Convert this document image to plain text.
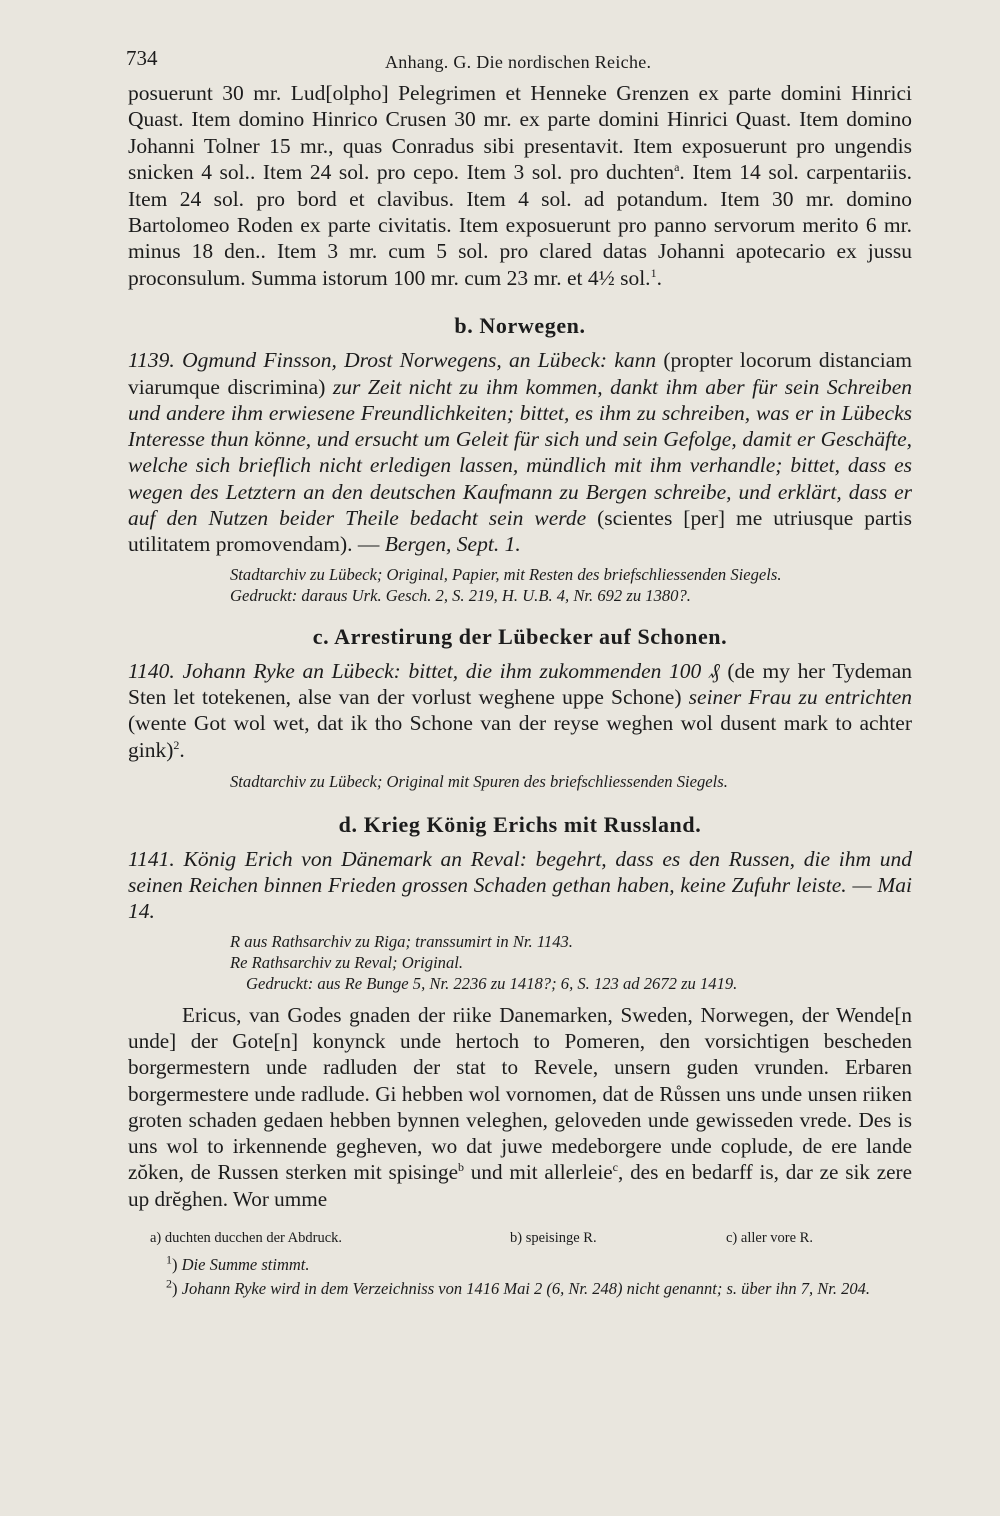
734	Anhang. G. Die nordischen Reiche.

posuerunt 30 mr. Lud[olpho] Pelegrimen et Henneke Grenzen ex parte domini Hinrici Quast. Item domino Hinrico Crusen 30 mr. ex parte domini Hinrici Quast. Item domino Johanni Tolner 15 mr., quas Conradus sibi presentavit. Item exposuerunt pro ungendis snicken 4 sol.. Item 24 sol. pro cepo. Item 3 sol. pro duchten$^a$. Item 14 sol. carpentariis. Item 24 sol. pro bord et clavibus. Item 4 sol. ad potandum. Item 30 mr. domino Bartolomeo Roden ex parte civitatis. Item exposuerunt pro panno servorum merito 6 mr. minus 18 den.. Item 3 mr. cum 5 sol. pro clared datas Johanni apotecario ex jussu proconsulum. Summa istorum 100 mr. cum 23 mr. et 4½ sol.$^1$.

b. Norwegen.

1139. Ogmund Finsson, Drost Norwegens, an Lübeck: kann (propter locorum distanciam viarumque discrimina) zur Zeit nicht zu ihm kommen, dankt ihm aber für sein Schreiben und andere ihm erwiesene Freundlichkeiten; bittet, es ihm zu schreiben, was er in Lübecks Interesse thun könne, und ersucht um Geleit für sich und sein Gefolge, damit er Geschäfte, welche sich brieflich nicht erledigen lassen, mündlich mit ihm verhandle; bittet, dass es wegen des Letztern an den deutschen Kaufmann zu Bergen schreibe, und erklärt, dass er auf den Nutzen beider Theile bedacht sein werde (scientes [per] me utriusque partis utilitatem promovendam). — Bergen, Sept. 1.

Stadtarchiv zu Lübeck; Original, Papier, mit Resten des briefschliessenden Siegels.
Gedruckt: daraus Urk. Gesch. 2, S. 219, H. U.B. 4, Nr. 692 zu 1380?.
c. Arrestirung der Lübecker auf Schonen.

1140. Johann Ryke an Lübeck: bittet, die ihm zukommenden 100 ₰ (de my her Tydeman Sten let totekenen, alse van der vorlust weghene uppe Schone) seiner Frau zu entrichten (wente Got wol wet, dat ik tho Schone van der reyse weghen wol dusent mark to achter gink)$^2$.

Stadtarchiv zu Lübeck; Original mit Spuren des briefschliessenden Siegels.
d. Krieg König Erichs mit Russland.

1141. König Erich von Dänemark an Reval: begehrt, dass es den Russen, die ihm und seinen Reichen binnen Frieden grossen Schaden gethan haben, keine Zufuhr leiste. — Mai 14.

R aus Rathsarchiv zu Riga; transsumirt in Nr. 1143.
Re Rathsarchiv zu Reval; Original.
Gedruckt: aus Re Bunge 5, Nr. 2236 zu 1418?; 6, S. 123 ad 2672 zu 1419.

Ericus, van Godes gnaden der riike Danemarken, Sweden, Norwegen, der Wende[n unde] der Gote[n] konynck unde hertoch to Pomeren, den vorsichtigen bescheden borgermestern unde radluden der stat to Revele, unsern guden vrunden. Erbaren borgermestere unde radlude. Gi hebben wol vornomen, dat de Růssen uns unde unsen riiken groten schaden gedaen hebben bynnen veleghen, geloveden unde gewisseden vrede. Des is uns wol to irkennende gegheven, wo dat juwe medeborgere unde coplude, de ere lande zŏken, de Russen sterken mit spisinge$^b$ und mit allerleie$^c$, des en bedarff is, dar ze sik zere up drĕghen. Wor umme

a) duchten ducchen der Abdruck.	b) speisinge R.	c) aller vore R.
$^1$) Die Summe stimmt.
$^2$) Johann Ryke wird in dem Verzeichniss von 1416 Mai 2 (6, Nr. 248) nicht genannt; s. über ihn 7, Nr. 204.
